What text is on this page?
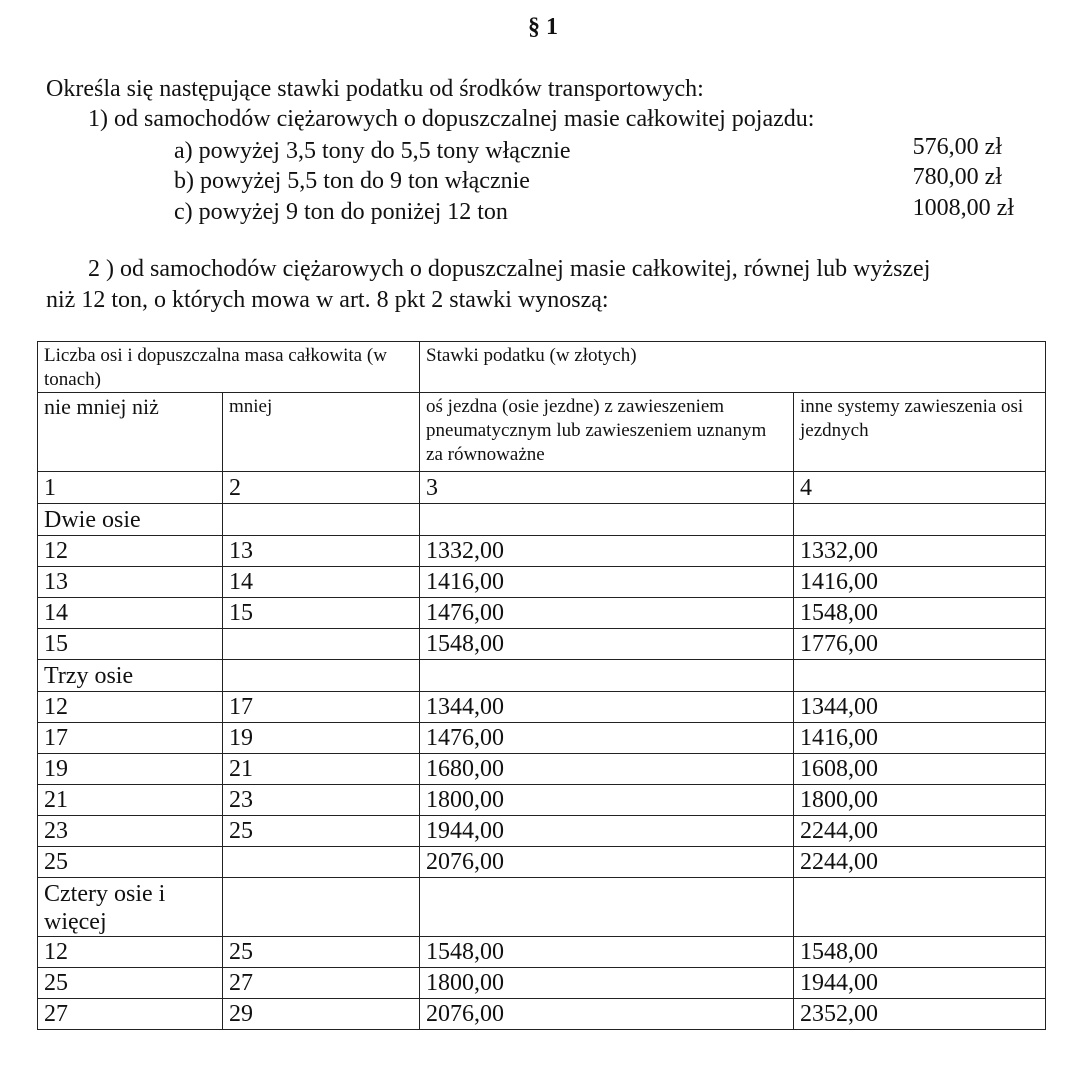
§ 1
Określa się następujące stawki podatku od środków transportowych:
1) od samochodów ciężarowych o dopuszczalnej masie całkowitej pojazdu:
a) powyżej 3,5 tony do 5,5 tony włącznie	576,00 zł
b) powyżej 5,5 ton do 9 ton włącznie	780,00 zł
c) powyżej 9 ton do poniżej 12 ton	1008,00 zł
2 ) od samochodów ciężarowych o dopuszczalnej masie całkowitej, równej lub wyższej
niż 12 ton, o których mowa w art. 8 pkt 2 stawki wynoszą:
Liczba osi i dopuszczalna masa całkowita (w tonach)		Stawki podatku (w złotych)	
nie mniej niż	mniej	oś jezdna (osie jezdne) z zawieszeniem pneumatycznym lub zawieszeniem uznanym za równoważne	inne systemy zawieszenia osi jezdnych
1	2	3	4
Dwie osie			
12	13	1332,00	1332,00
13	14	1416,00	1416,00
14	15	1476,00	1548,00
15		1548,00	1776,00
Trzy osie			
12	17	1344,00	1344,00
17	19	1476,00	1416,00
19	21	1680,00	1608,00
21	23	1800,00	1800,00
23	25	1944,00	2244,00
25		2076,00	2244,00
Cztery osie i więcej			
12	25	1548,00	1548,00
25	27	1800,00	1944,00
27	29	2076,00	2352,00
